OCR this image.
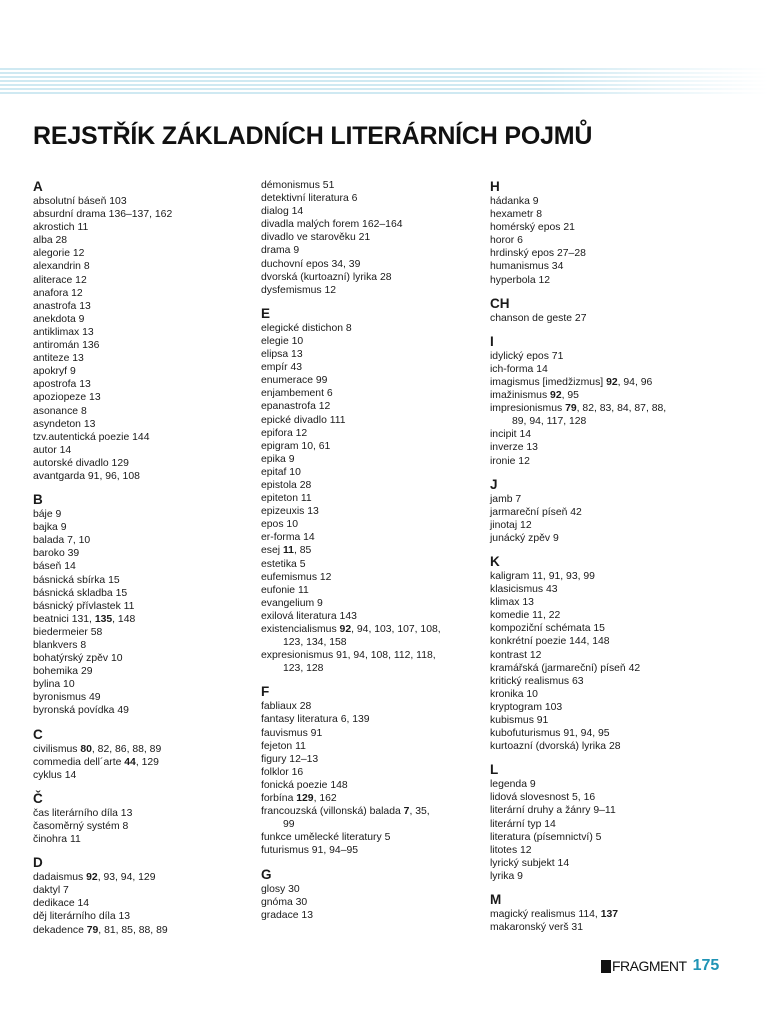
REJSTŘÍK ZÁKLADNÍCH LITERÁRNÍCH POJMŮ
A
absolutní báseň 103
absurdní drama 136–137, 162
akrostich 11
alba 28
alegorie 12
alexandrin 8
aliterace 12
anafora 12
anastrofa 13
anekdota 9
antiklimax 13
antiromán 136
antiteze 13
apokryf 9
apostrofa 13
apoziopeze 13
asonance 8
asyndeton 13
tzv.autentická poezie 144
autor 14
autorské divadlo 129
avantgarda 91, 96, 108
B
báje 9
bajka 9
balada 7, 10
baroko 39
báseň 14
básnická sbírka 15
básnická skladba 15
básnický přívlastek 11
beatnici 131, 135, 148
biedermeier 58
blankvers 8
bohatýrský zpěv 10
bohemika 29
bylina 10
byronismus 49
byronská povídka 49
C
civilismus 80, 82, 86, 88, 89
commedia dell´arte 44, 129
cyklus 14
Č
čas literárního díla 13
časoměrný systém 8
činohra 11
D
dadaismus 92, 93, 94, 129
daktyl 7
dedikace 14
děj literárního díla 13
dekadence 79, 81, 85, 88, 89
démonismus 51
detektivní literatura 6
dialog 14
divadla malých forem 162–164
divadlo ve starověku 21
drama 9
duchovní epos 34, 39
dvorská (kurtoazní) lyrika 28
dysfemismus 12
E
elegické distichon 8
elegie 10
elipsa 13
empír 43
enumerace 99
enjambement 6
epanastrofa 12
epické divadlo 111
epifora 12
epigram 10, 61
epika 9
epitaf 10
epistola 28
epiteton 11
epizeuxis 13
epos 10
er-forma 14
esej 11, 85
estetika 5
eufemismus 12
eufonie 11
evangelium 9
exilová literatura 143
existencialismus 92, 94, 103, 107, 108,
123, 134, 158
expresionismus 91, 94, 108, 112, 118,
123, 128
F
fabliaux 28
fantasy literatura 6, 139
fauvismus 91
fejeton 11
figury 12–13
folklor 16
fonická poezie 148
forbína 129, 162
francouzská (villonská) balada 7, 35,
99
funkce umělecké literatury 5
futurismus 91, 94–95
G
glosy 30
gnóma 30
gradace 13
H
hádanka 9
hexametr 8
homérský epos 21
horor 6
hrdinský epos 27–28
humanismus 34
hyperbola 12
CH
chanson de geste 27
I
idylický epos 71
ich-forma 14
imagismus [imedžizmus] 92, 94, 96
imažinismus 92, 95
impresionismus 79, 82, 83, 84, 87, 88,
89, 94, 117, 128
incipit 14
inverze 13
ironie 12
J
jamb 7
jarmareční píseň 42
jinotaj 12
junácký zpěv 9
K
kaligram 11, 91, 93, 99
klasicismus 43
klimax 13
komedie 11, 22
kompoziční schémata 15
konkrétní poezie 144, 148
kontrast 12
kramářská (jarmareční) píseň 42
kritický realismus 63
kronika 10
kryptogram 103
kubismus 91
kubofuturismus 91, 94, 95
kurtoazní (dvorská) lyrika 28
L
legenda 9
lidová slovesnost 5, 16
literární druhy a žánry 9–11
literární typ 14
literatura (písemnictví) 5
litotes 12
lyrický subjekt 14
lyrika 9
M
magický realismus 114, 137
makaronský verš 31
FRAGMENT 175
